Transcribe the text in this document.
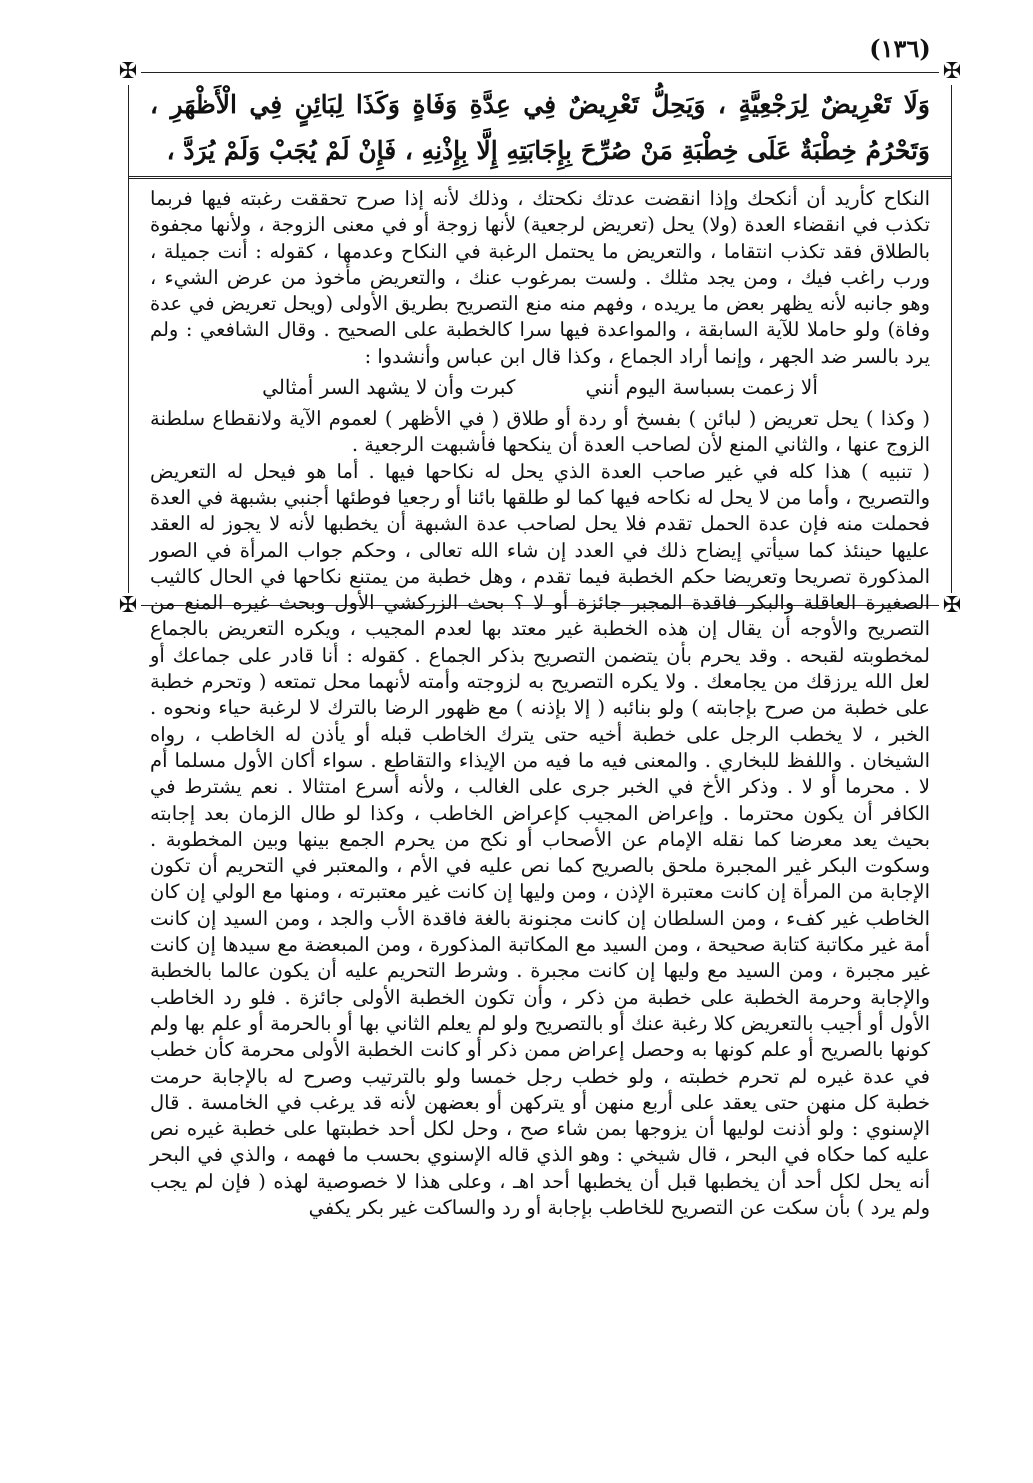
(١٣٦)
✠	✠
✠	✠
وَلَا تَعْرِيضٌ لِرَجْعِيَّةٍ ، وَيَحِلُّ تَعْرِيضٌ فِي عِدَّةِ وَفَاةٍ وَكَذَا لِبَائِنٍ فِي الْأَظْهَرِ ، وَتَحْرُمُ خِطْبَةٌ عَلَى خِطْبَةِ مَنْ صُرِّحَ بِإِجَابَتِهِ إِلَّا بِإِذْنِهِ ، فَإِنْ لَمْ يُجَبْ وَلَمْ يُرَدَّ ،

النكاح كأريد أن أنكحك وإذا انقضت عدتك نكحتك ، وذلك لأنه إذا صرح تحققت رغبته فيها فربما تكذب في انقضاء العدة (ولا) يحل (تعريض لرجعية) لأنها زوجة أو في معنى الزوجة ، ولأنها مجفوة بالطلاق فقد تكذب انتقاما ، والتعريض ما يحتمل الرغبة في النكاح وعدمها ، كقوله : أنت جميلة ، ورب راغب فيك ، ومن يجد مثلك . ولست بمرغوب عنك ، والتعريض مأخوذ من عرض الشيء ، وهو جانبه لأنه يظهر بعض ما يريده ، وفهم منه منع التصريح بطريق الأولى (ويحل تعريض في عدة وفاة) ولو حاملا للآية السابقة ، والمواعدة فيها سرا كالخطبة على الصحيح . وقال الشافعي : ولم يرد بالسر ضد الجهر ، وإنما أراد الجماع ، وكذا قال ابن عباس وأنشدوا :

ألا زعمت بسباسة اليوم أنني
كبرت وأن لا يشهد السر أمثالي

( وكذا ) يحل تعريض ( لبائن ) بفسخ أو ردة أو طلاق ( في الأظهر ) لعموم الآية ولانقطاع سلطنة الزوج عنها ، والثاني المنع لأن لصاحب العدة أن ينكحها فأشبهت الرجعية .

( تنبيه ) هذا كله في غير صاحب العدة الذي يحل له نكاحها فيها . أما هو فيحل له التعريض والتصريح ، وأما من لا يحل له نكاحه فيها كما لو طلقها بائنا أو رجعيا فوطئها أجنبي بشبهة في العدة فحملت منه فإن عدة الحمل تقدم فلا يحل لصاحب عدة الشبهة أن يخطبها لأنه لا يجوز له العقد عليها حينئذ كما سيأتي إيضاح ذلك في العدد إن شاء الله تعالى ، وحكم جواب المرأة في الصور المذكورة تصريحا وتعريضا حكم الخطبة فيما تقدم ، وهل خطبة من يمتنع نكاحها في الحال كالثيب الصغيرة العاقلة والبكر فاقدة المجبر جائزة أو لا ؟ بحث الزركشي الأول وبحث غيره المنع من التصريح والأوجه أن يقال إن هذه الخطبة غير معتد بها لعدم المجيب ، ويكره التعريض بالجماع لمخطوبته لقبحه . وقد يحرم بأن يتضمن التصريح بذكر الجماع . كقوله : أنا قادر على جماعك أو لعل الله يرزقك من يجامعك . ولا يكره التصريح به لزوجته وأمته لأنهما محل تمتعه ( وتحرم خطبة على خطبة من صرح بإجابته ) ولو بنائبه ( إلا بإذنه ) مع ظهور الرضا بالترك لا لرغبة حياء ونحوه . الخبر ، لا يخطب الرجل على خطبة أخيه حتى يترك الخاطب قبله أو يأذن له الخاطب ، رواه الشيخان . واللفظ للبخاري . والمعنى فيه ما فيه من الإيذاء والتقاطع . سواء أكان الأول مسلما أم لا . محرما أو لا . وذكر الأخ في الخبر جرى على الغالب ، ولأنه أسرع امتثالا . نعم يشترط في الكافر أن يكون محترما . وإعراض المجيب كإعراض الخاطب ، وكذا لو طال الزمان بعد إجابته بحيث يعد معرضا كما نقله الإمام عن الأصحاب أو نكح من يحرم الجمع بينها وبين المخطوبة . وسكوت البكر غير المجبرة ملحق بالصريح كما نص عليه في الأم ، والمعتبر في التحريم أن تكون الإجابة من المرأة إن كانت معتبرة الإذن ، ومن وليها إن كانت غير معتبرته ، ومنها مع الولي إن كان الخاطب غير كفء ، ومن السلطان إن كانت مجنونة بالغة فاقدة الأب والجد ، ومن السيد إن كانت أمة غير مكاتبة كتابة صحيحة ، ومن السيد مع المكاتبة المذكورة ، ومن المبعضة مع سيدها إن كانت غير مجبرة ، ومن السيد مع وليها إن كانت مجبرة . وشرط التحريم عليه أن يكون عالما بالخطبة والإجابة وحرمة الخطبة على خطبة من ذكر ، وأن تكون الخطبة الأولى جائزة . فلو رد الخاطب الأول أو أجيب بالتعريض كلا رغبة عنك أو بالتصريح ولو لم يعلم الثاني بها أو بالحرمة أو علم بها ولم كونها بالصريح أو علم كونها به وحصل إعراض ممن ذكر أو كانت الخطبة الأولى محرمة كأن خطب في عدة غيره لم تحرم خطبته ، ولو خطب رجل خمسا ولو بالترتيب وصرح له بالإجابة حرمت خطبة كل منهن حتى يعقد على أربع منهن أو يتركهن أو بعضهن لأنه قد يرغب في الخامسة . قال الإسنوي : ولو أذنت لوليها أن يزوجها بمن شاء صح ، وحل لكل أحد خطبتها على خطبة غيره نص عليه كما حكاه في البحر ، قال شيخي : وهو الذي قاله الإسنوي بحسب ما فهمه ، والذي في البحر أنه يحل لكل أحد أن يخطبها قبل أن يخطبها أحد اهـ ، وعلى هذا لا خصوصية لهذه ( فإن لم يجب ولم يرد ) بأن سكت عن التصريح للخاطب بإجابة أو رد والساكت غير بكر يكفي
